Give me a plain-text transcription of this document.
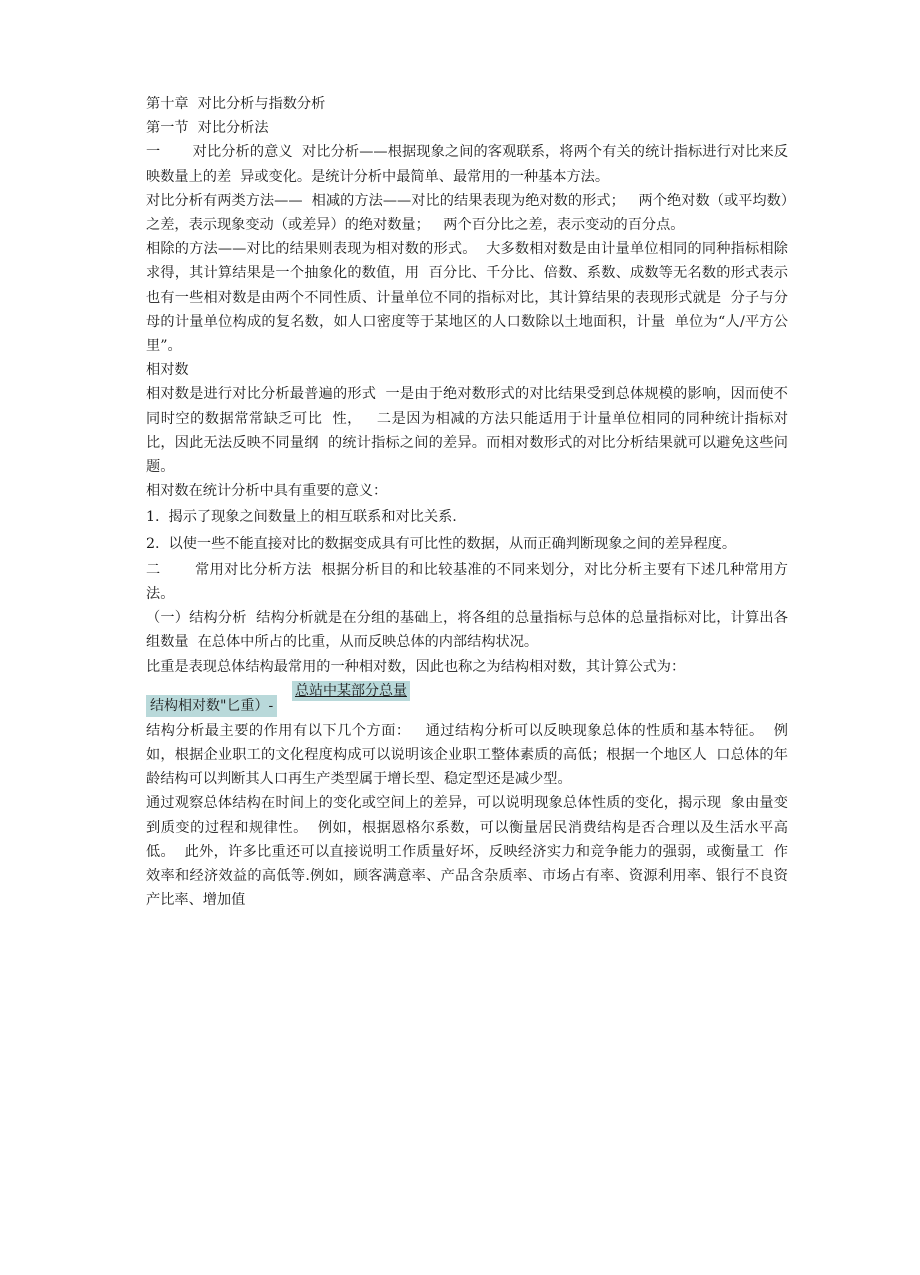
第十章  对比分析与指数分析
第一节  对比分析法
一       对比分析的意义  对比分析——根据现象之间的客观联系，将两个有关的统计指标进行对比来反映数量上的差  异或变化。是统计分析中最简单、最常用的一种基本方法。
对比分析有两类方法——  相减的方法——对比的结果表现为绝对数的形式；   两个绝对数（或平均数）之差，表示现象变动（或差异）的绝对数量；   两个百分比之差，表示变动的百分点。
相除的方法——对比的结果则表现为相对数的形式。  大多数相对数是由计量单位相同的同种指标相除求得，其计算结果是一个抽象化的数值，用  百分比、千分比、倍数、系数、成数等无名数的形式表示  也有一些相对数是由两个不同性质、计量单位不同的指标对比，其计算结果的表现形式就是  分子与分母的计量单位构成的复名数，如人口密度等于某地区的人口数除以土地面积，计量  单位为“人/平方公里”。
相对数
相对数是进行对比分析最普遍的形式  一是由于绝对数形式的对比结果受到总体规模的影响，因而使不同时空的数据常常缺乏可比  性，   二是因为相减的方法只能适用于计量单位相同的同种统计指标对比，因此无法反映不同量纲  的统计指标之间的差异。而相对数形式的对比分析结果就可以避免这些问题。
相对数在统计分析中具有重要的意义：
1.  揭示了现象之间数量上的相互联系和对比关系.
2.  以使一些不能直接对比的数据变成具有可比性的数据，从而正确判断现象之间的差异程度。
二       常用对比分析方法  根据分析目的和比较基准的不同来划分，对比分析主要有下述几种常用方法。
（一）结构分析  结构分析就是在分组的基础上，将各组的总量指标与总体的总量指标对比，计算出各组数量  在总体中所占的比重，从而反映总体的内部结构状况。
比重是表现总体结构最常用的一种相对数，因此也称之为结构相对数，其计算公式为：
结构相对数"匕重）-
总站中某部分总量
结构分析最主要的作用有以下几个方面：   通过结构分析可以反映现象总体的性质和基本特征。  例如，根据企业职工的文化程度构成可以说明该企业职工整体素质的高低；根据一个地区人  口总体的年龄结构可以判断其人口再生产类型属于增长型、稳定型还是减少型。
通过观察总体结构在时间上的变化或空间上的差异，可以说明现象总体性质的变化，揭示现  象由量变到质变的过程和规律性。  例如，根据恩格尔系数，可以衡量居民消费结构是否合理以及生活水平高低。  此外，许多比重还可以直接说明工作质量好坏，反映经济实力和竞争能力的强弱，或衡量工  作效率和经济效益的高低等.例如，顾客满意率、产品含杂质率、市场占有率、资源利用率、银行不良资产比率、增加值
